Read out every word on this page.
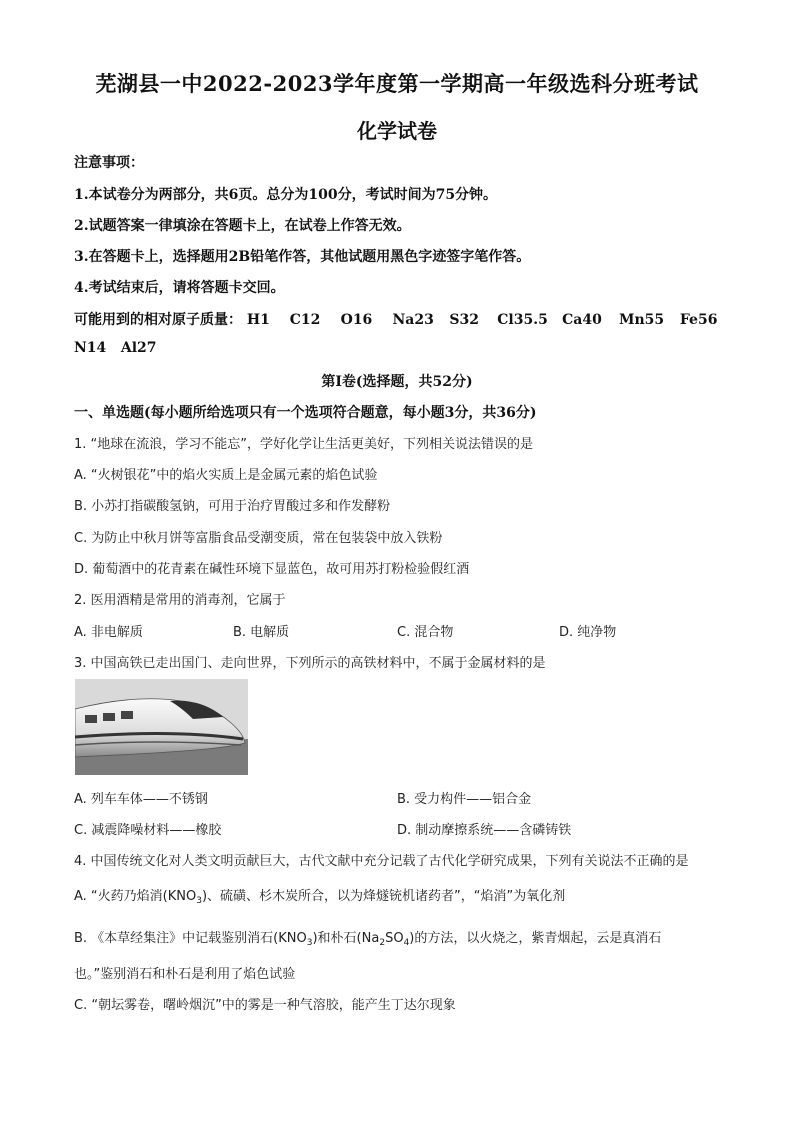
芜湖县一中2022-2023学年度第一学期高一年级选科分班考试
化学试卷
注意事项：
1.本试卷分为两部分，共6页。总分为100分，考试时间为75分钟。
2.试题答案一律填涂在答题卡上，在试卷上作答无效。
3.在答题卡上，选择题用2B铅笔作答，其他试题用黑色字迹签字笔作答。
4.考试结束后，请将答题卡交回。
可能用到的相对原子质量： H1 C12 O16 Na23 S32 Cl35.5 Ca40 Mn55 Fe56
N14 Al27
第Ⅰ卷(选择题，共52分)
一、单选题(每小题所给选项只有一个选项符合题意，每小题3分，共36分)
1. “地球在流浪，学习不能忘”，学好化学让生活更美好，下列相关说法错误的是
A. “火树银花”中的焰火实质上是金属元素的焰色试验
B. 小苏打指碳酸氢钠，可用于治疗胃酸过多和作发酵粉
C. 为防止中秋月饼等富脂食品受潮变质，常在包装袋中放入铁粉
D. 葡萄酒中的花青素在碱性环境下显蓝色，故可用苏打粉检验假红酒
2. 医用酒精是常用的消毒剂，它属于
A. 非电解质	B. 电解质	C. 混合物	D. 纯净物
3. 中国高铁已走出国门、走向世界，下列所示的高铁材料中，不属于金属材料的是
A. 列车车体——不锈钢	B. 受力构件——铝合金
C. 减震降噪材料——橡胶	D. 制动摩擦系统——含磷铸铁
4. 中国传统文化对人类文明贡献巨大，古代文献中充分记载了古代化学研究成果，下列有关说法不正确的是
A. “火药乃焰消$(KNO_3)$、硫磺、杉木炭所合，以为烽燧铳机诸药者”，“焰消”为氧化剂
B. 《本草经集注》中记载鉴别消石$(KNO_3)$和朴石$(Na_2SO_4)$的方法，以火烧之，紫青烟起，云是真消石
也。”鉴别消石和朴石是利用了焰色试验
C. “朝坛雾卷，曙岭烟沉”中的雾是一种气溶胶，能产生丁达尔现象
